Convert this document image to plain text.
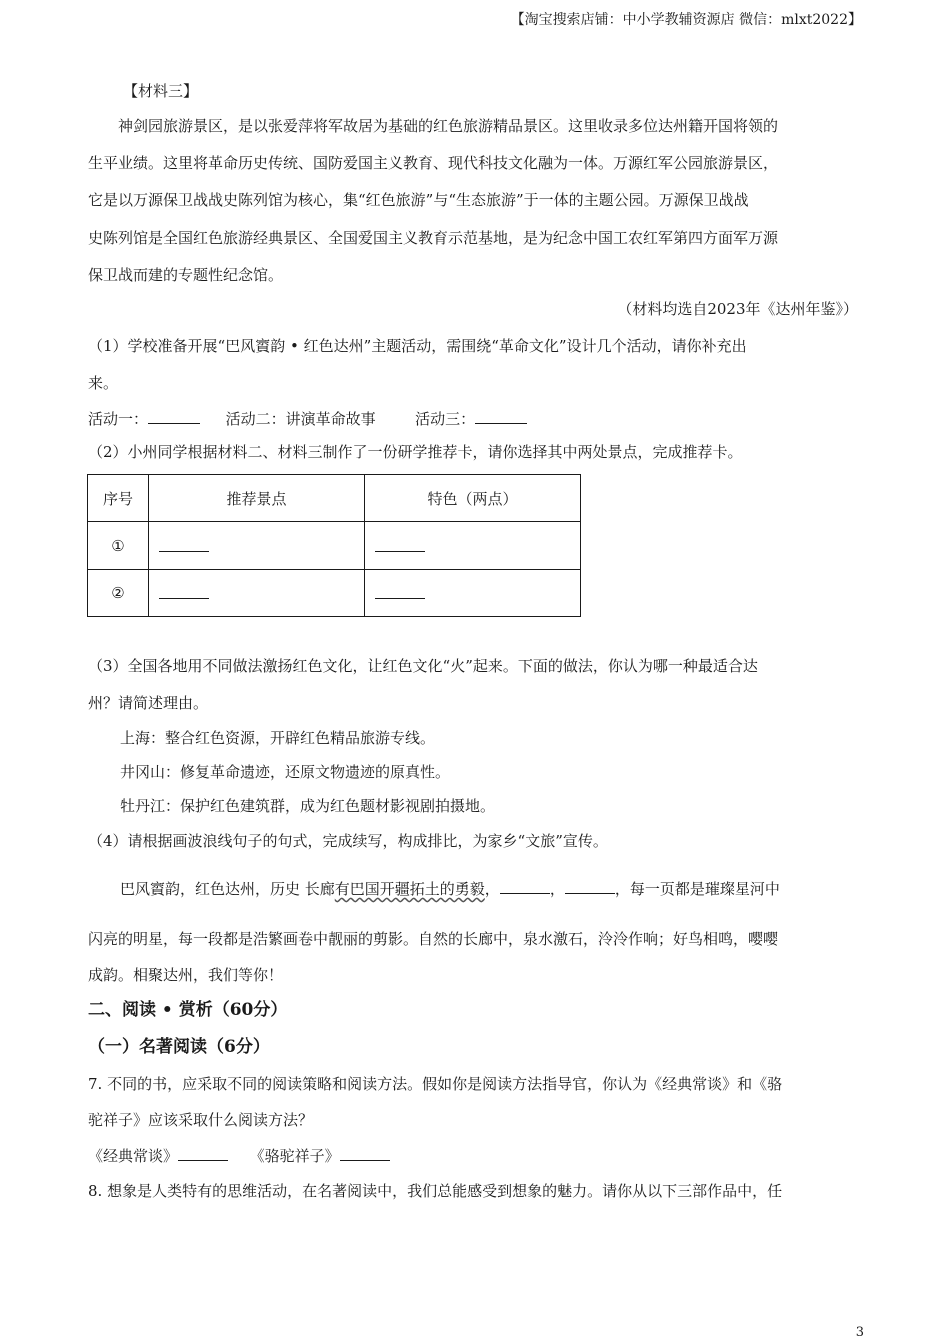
【淘宝搜索店铺：中小学教辅资源店 微信：mlxt2022】
【材料三】
神剑园旅游景区，是以张爱萍将军故居为基础的红色旅游精品景区。这里收录多位达州籍开国将领的
生平业绩。这里将革命历史传统、国防爱国主义教育、现代科技文化融为一体。万源红军公园旅游景区，
它是以万源保卫战战史陈列馆为核心，集“红色旅游”与“生态旅游”于一体的主题公园。万源保卫战战
史陈列馆是全国红色旅游经典景区、全国爱国主义教育示范基地，是为纪念中国工农红军第四方面军万源
保卫战而建的专题性纪念馆。
（材料均选自2023年《达州年鉴》）
（1）学校准备开展“巴风賨韵 • 红色达州”主题活动，需围绕“革命文化”设计几个活动，请你补充出
来。
活动一：	活动二：讲演革命故事	活动三：
（2）小州同学根据材料二、材料三制作了一份研学推荐卡，请你选择其中两处景点，完成推荐卡。
序号	推荐景点	特色（两点）
①		
②		
（3）全国各地用不同做法激扬红色文化，让红色文化“火”起来。下面的做法，你认为哪一种最适合达
州？请简述理由。
上海：整合红色资源，开辟红色精品旅游专线。
井冈山：修复革命遗迹，还原文物遗迹的原真性。
牡丹江：保护红色建筑群，成为红色题材影视剧拍摄地。
（4）请根据画波浪线句子的句式，完成续写，构成排比，为家乡“文旅”宣传。
巴风賨韵，红色达州，历史 长廊有巴国开疆拓土的勇毅，	，	，每一页都是璀璨星河中
闪亮的明星，每一段都是浩繁画卷中靓丽的剪影。自然的长廊中，泉水激石，泠泠作响；好鸟相鸣，嘤嘤
成韵。相聚达州，我们等你！
二、阅读 • 赏析（60分）
（一）名著阅读（6分）
7. 不同的书，应采取不同的阅读策略和阅读方法。假如你是阅读方法指导官，你认为《经典常谈》和《骆
驼祥子》应该采取什么阅读方法？
《经典常谈》	《骆驼祥子》
8. 想象是人类特有的思维活动，在名著阅读中，我们总能感受到想象的魅力。请你从以下三部作品中，任
3
